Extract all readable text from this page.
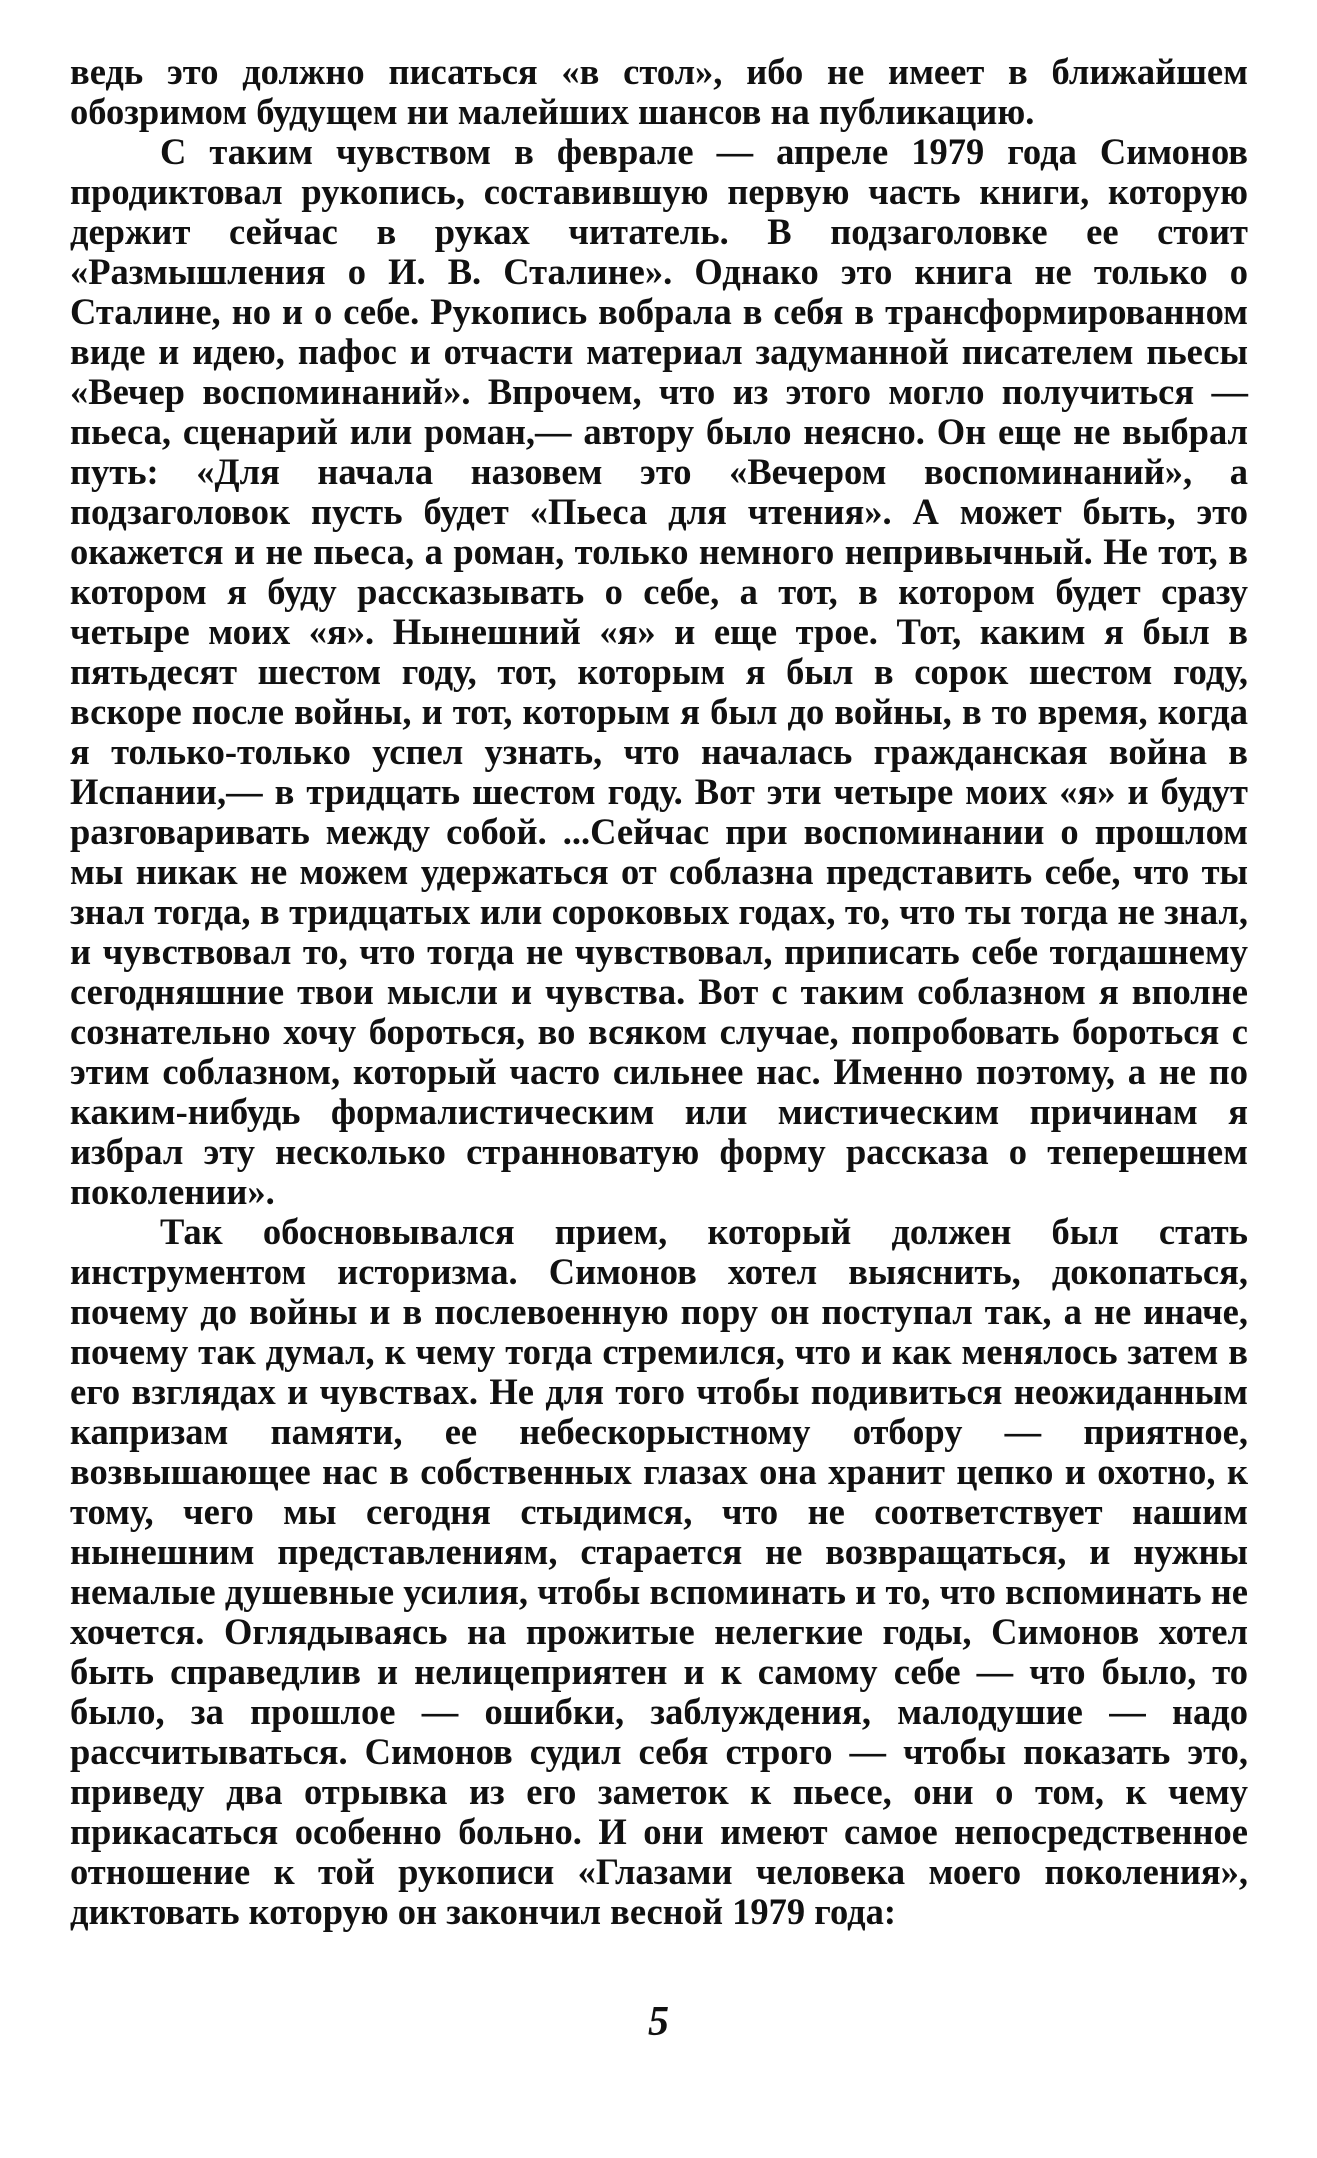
ведь это должно писаться «в стол», ибо не имеет в ближайшем обозримом будущем ни малейших шансов на публикацию.

С таким чувством в феврале — апреле 1979 года Симонов продиктовал рукопись, составившую первую часть книги, которую держит сейчас в руках читатель. В подзаголовке ее стоит «Размышления о И. В. Сталине». Однако это книга не только о Сталине, но и о себе. Рукопись вобрала в себя в трансформированном виде и идею, пафос и отчасти материал задуманной писателем пьесы «Вечер воспоминаний». Впрочем, что из этого могло получиться — пьеса, сценарий или роман,— автору было неясно. Он еще не выбрал путь: «Для начала назовем это «Вечером воспоминаний», а подзаголовок пусть будет «Пьеса для чтения». А может быть, это окажется и не пьеса, а роман, только немного непривычный. Не тот, в котором я буду рассказывать о себе, а тот, в котором будет сразу четыре моих «я». Нынешний «я» и еще трое. Тот, каким я был в пятьдесят шестом году, тот, которым я был в сорок шестом году, вскоре после войны, и тот, которым я был до войны, в то время, когда я только-только успел узнать, что началась гражданская война в Испании,— в тридцать шестом году. Вот эти четыре моих «я» и будут разговаривать между собой. ...Сейчас при воспоминании о прошлом мы никак не можем удержаться от соблазна представить себе, что ты знал тогда, в тридцатых или сороковых годах, то, что ты тогда не знал, и чувствовал то, что тогда не чувствовал, приписать себе тогдашнему сегодняшние твои мысли и чувства. Вот с таким соблазном я вполне сознательно хочу бороться, во всяком случае, попробовать бороться с этим соблазном, который часто сильнее нас. Именно поэтому, а не по каким-нибудь формалистическим или мистическим причинам я избрал эту несколько странноватую форму рассказа о теперешнем поколении».

Так обосновывался прием, который должен был стать инструментом историзма. Симонов хотел выяснить, докопаться, почему до войны и в послевоенную пору он поступал так, а не иначе, почему так думал, к чему тогда стремился, что и как менялось затем в его взглядах и чувствах. Не для того чтобы подивиться неожиданным капризам памяти, ее небескорыстному отбору — приятное, возвышающее нас в собственных глазах она хранит цепко и охотно, к тому, чего мы сегодня стыдимся, что не соответствует нашим нынешним представлениям, старается не возвращаться, и нужны немалые душевные усилия, чтобы вспоминать и то, что вспоминать не хочется. Оглядываясь на прожитые нелегкие годы, Симонов хотел быть справедлив и нелицеприятен и к самому себе — что было, то было, за прошлое — ошибки, заблуждения, малодушие — надо рассчитываться. Симонов судил себя строго — чтобы показать это, приведу два отрывка из его заметок к пьесе, они о том, к чему прикасаться особенно больно. И они имеют самое непосредственное отношение к той рукописи «Глазами человека моего поколения», диктовать которую он закончил весной 1979 года:

5
